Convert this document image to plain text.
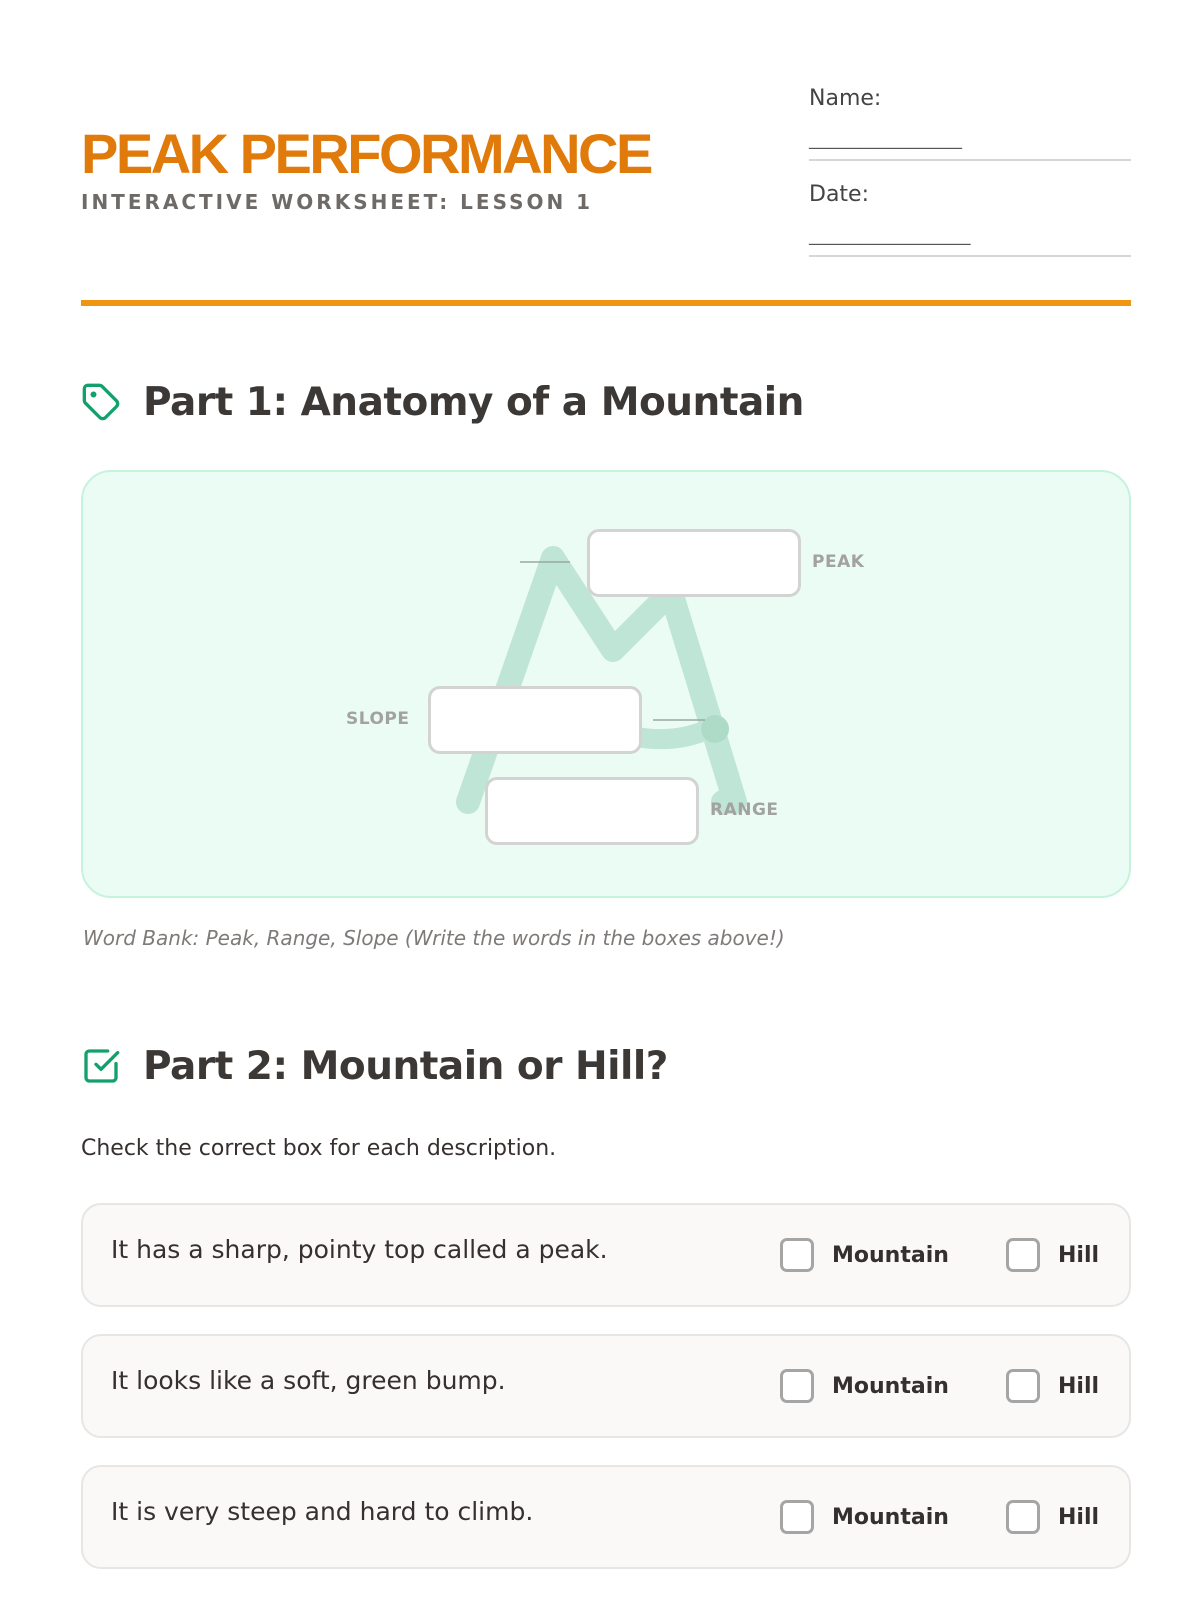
PEAK PERFORMANCE
INTERACTIVE WORKSHEET: LESSON 1
Name:
__________________
Date:
___________________
Part 1: Anatomy of a Mountain
PEAK
SLOPE
RANGE
Word Bank: Peak, Range, Slope (Write the words in the boxes above!)
Part 2: Mountain or Hill?
Check the correct box for each description.
It has a sharp, pointy top called a peak.	Mountain	Hill
It looks like a soft, green bump.	Mountain	Hill
It is very steep and hard to climb.	Mountain	Hill
